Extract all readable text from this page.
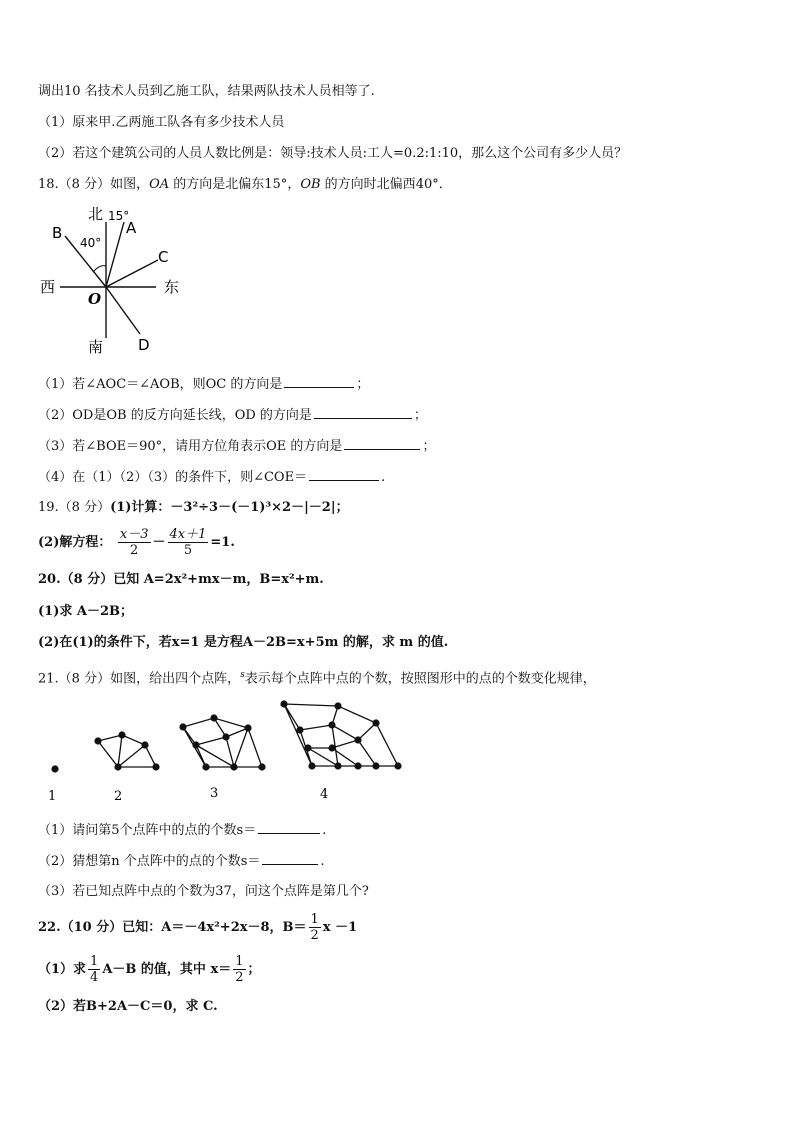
调出10 名技术人员到乙施工队，结果两队技术人员相等了.
（1）原来甲.乙两施工队各有多少技术人员
（2）若这个建筑公司的人员人数比例是：领导:技术人员:工人=0.2:1:10，那么这个公司有多少人员？
18.（8 分）如图，OA 的方向是北偏东15°，OB 的方向时北偏西40°．
北
南
西	东
A
B
C
D
O
15°
40°
（1）若∠AOC＝∠AOB，则OC 的方向是	；
（2）OD是OB 的反方向延长线，OD 的方向是	；
（3）若∠BOE＝90°，请用方位角表示OE 的方向是	；
（4）在（1）（2）（3）的条件下，则∠COE＝	.
19.（8 分）(1)计算：－3²÷3－(－1)³×2－|－2|；
(2)解方程： $\frac{x-3}{2} - \frac{4x+1}{5} =1$.
20.（8 分）已知 A=2x²+mx－m，B=x²+m.
(1)求 A－2B；
(2)在(1)的条件下，若x=1 是方程A－2B=x+5m 的解，求 m 的值.
21.（8 分）如图，给出四个点阵，$^s$表示每个点阵中点的个数，按照图形中的点的个数变化规律，
1	2	3	4
（1）请问第5个点阵中的点的个数s＝	.
（2）猜想第n 个点阵中的点的个数s＝	.
（3）若已知点阵中点的个数为37，问这个点阵是第几个?
22.（10 分）已知：A＝－4x²+2x－8，$B= \frac{1}{2}$ x －1
（1）求 $\frac{1}{4} A-B$ 的值，其中 $x= \frac{1}{2}$ ；
（2）若B+2A－C＝0，求 C.
